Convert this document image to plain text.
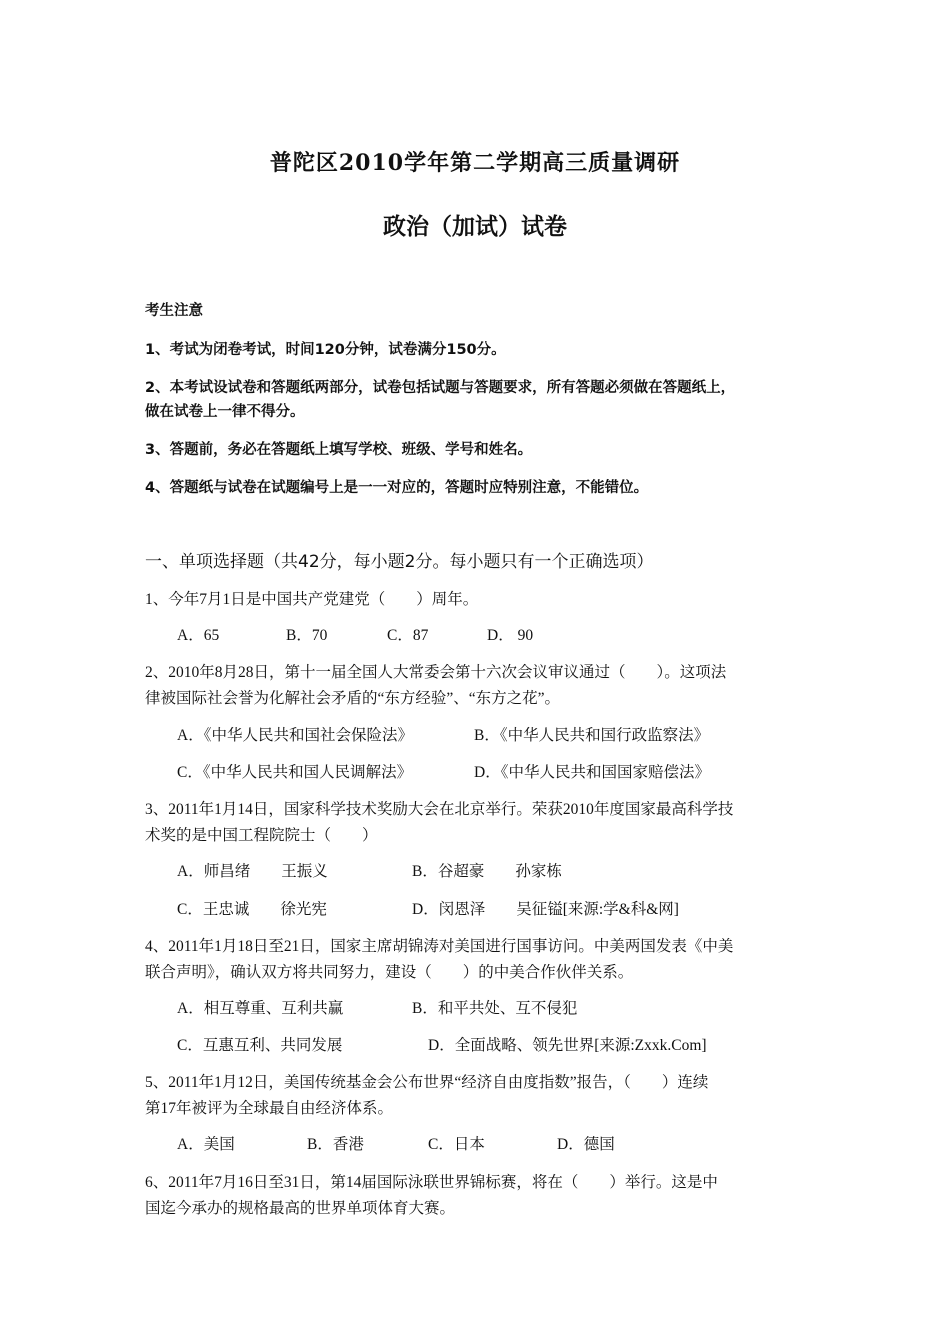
普陀区2010学年第二学期高三质量调研
政治（加试）试卷
考生注意
1、考试为闭卷考试，时间120分钟，试卷满分150分。
2、本考试设试卷和答题纸两部分，试卷包括试题与答题要求，所有答题必须做在答题纸上，
做在试卷上一律不得分。
3、答题前，务必在答题纸上填写学校、班级、学号和姓名。
4、答题纸与试卷在试题编号上是一一对应的，答题时应特别注意，不能错位。
一、单项选择题（共42分，每小题2分。每小题只有一个正确选项）
1、今年7月1日是中国共产党建党（　　）周年。
A．65	B．70	C．87	D． 90
2、2010年8月28日，第十一届全国人大常委会第十六次会议审议通过（　　）。这项法
律被国际社会誉为化解社会矛盾的“东方经验”、“东方之花”。
A．《中华人民共和国社会保险法》	B．《中华人民共和国行政监察法》
C．《中华人民共和国人民调解法》	D．《中华人民共和国国家赔偿法》
3、2011年1月14日，国家科学技术奖励大会在北京举行。荣获2010年度国家最高科学技
术奖的是中国工程院院士（　　）
A．师昌绪　　王振义	B．谷超豪　　孙家栋
C．王忠诚　　徐光宪	D．闵恩泽　　吴征镒[来源:学&科&网]
4、2011年1月18日至21日，国家主席胡锦涛对美国进行国事访问。中美两国发表《中美
联合声明》，确认双方将共同努力，建设（　　）的中美合作伙伴关系。
A．相互尊重、互利共赢	B．和平共处、互不侵犯
C．互惠互利、共同发展	D．全面战略、领先世界[来源:Zxxk.Com]
5、2011年1月12日，美国传统基金会公布世界“经济自由度指数”报告，（　　）连续
第17年被评为全球最自由经济体系。
A．美国	B．香港	C．日本	D．德国
6、2011年7月16日至31日，第14届国际泳联世界锦标赛，将在（　　）举行。这是中
国迄今承办的规格最高的世界单项体育大赛。
